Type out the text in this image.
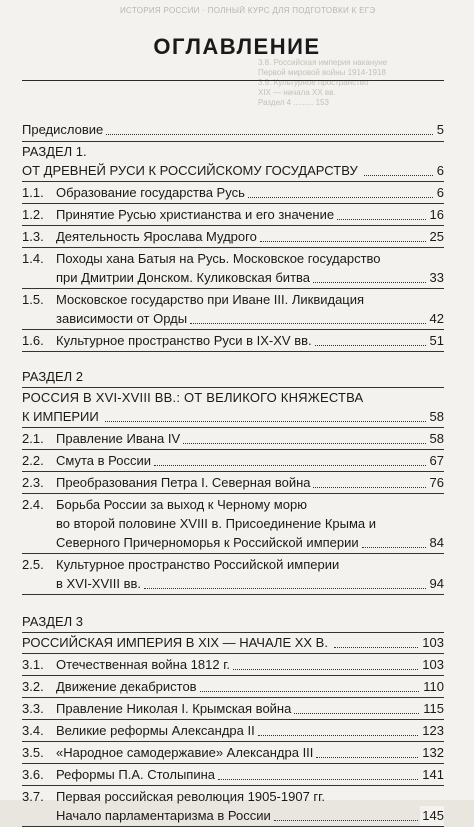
ИСТОРИЯ РОССИИ · ПОЛНЫЙ КУРС ДЛЯ ПОДГОТОВКИ К ЕГЭ
3.8. Российская империя накануне
Первой мировой войны 1914-1918
3.9. Культурное пространство
XIX — начала XX вв.
Раздел 4 ......... 153
ОГЛАВЛЕНИЕ
Предисловие	5
РАЗДЕЛ 1.
ОТ ДРЕВНЕЙ РУСИ К РОССИЙСКОМУ ГОСУДАРСТВУ	6
1.1. Образование государства Русь	6
1.2. Принятие Русью христианства и его значение	16
1.3. Деятельность Ярослава Мудрого	25
1.4. Походы хана Батыя на Русь. Московское государство
при Дмитрии Донском. Куликовская битва	33
1.5. Московское государство при Иване III. Ликвидация
зависимости от Орды	42
1.6. Культурное пространство Руси в IX-XV вв.	51
РАЗДЕЛ 2
РОССИЯ В XVI-XVIII ВВ.: ОТ ВЕЛИКОГО КНЯЖЕСТВА
К ИМПЕРИИ	58
2.1. Правление Ивана IV	58
2.2. Смута в России	67
2.3. Преобразования Петра I. Северная война	76
2.4. Борьба России за выход к Черному морю
во второй половине XVIII в. Присоединение Крыма и
Северного Причерноморья к Российской империи	84
2.5. Культурное пространство Российской империи
в XVI-XVIII вв.	94
РАЗДЕЛ 3
РОССИЙСКАЯ ИМПЕРИЯ В XIX — НАЧАЛЕ XX В.	103
3.1. Отечественная война 1812 г.	103
3.2. Движение декабристов	110
3.3. Правление Николая I. Крымская война	115
3.4. Великие реформы Александра II	123
3.5. «Народное самодержавие» Александра III	132
3.6. Реформы П.А. Столыпина	141
3.7. Первая российская революция 1905-1907 гг.
Начало парламентаризма в России	145
